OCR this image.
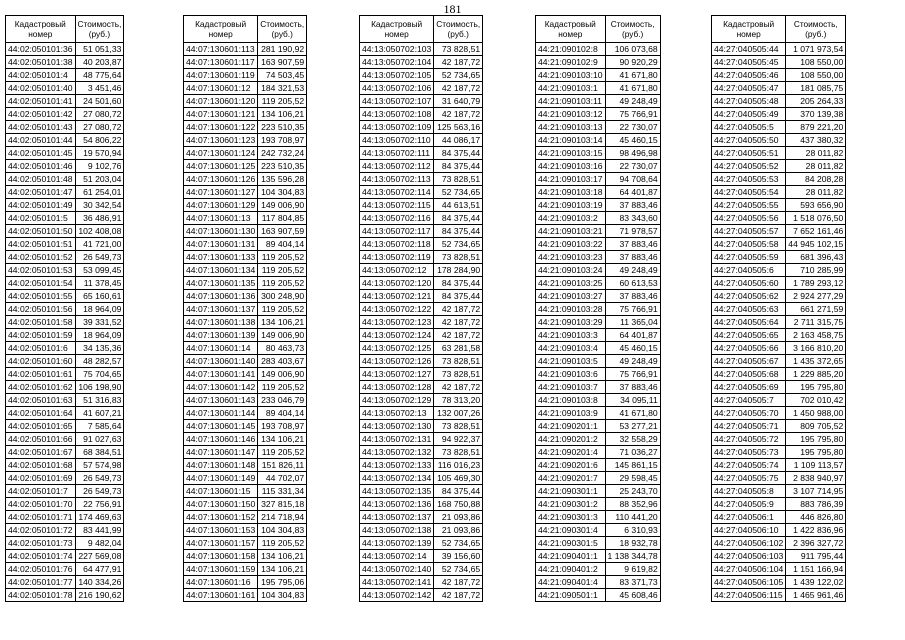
181
Кадастровый номер	Стоимость, (руб.)
44:02:050101:36	51 051,33
44:02:050101:38	40 203,87
44:02:050101:4	48 775,64
44:02:050101:40	3 451,46
44:02:050101:41	24 501,60
44:02:050101:42	27 080,72
44:02:050101:43	27 080,72
44:02:050101:44	54 806,22
44:02:050101:45	19 570,94
44:02:050101:46	9 102,76
44:02:050101:48	51 203,04
44:02:050101:47	61 254,01
44:02:050101:49	30 342,54
44:02:050101:5	36 486,91
44:02:050101:50	102 408,08
44:02:050101:51	41 721,00
44:02:050101:52	26 549,73
44:02:050101:53	53 099,45
44:02:050101:54	11 378,45
44:02:050101:55	65 160,61
44:02:050101:56	18 964,09
44:02:050101:58	39 331,52
44:02:050101:59	18 964,09
44:02:050101:6	34 135,36
44:02:050101:60	48 282,57
44:02:050101:61	75 704,65
44:02:050101:62	106 198,90
44:02:050101:63	51 316,83
44:02:050101:64	41 607,21
44:02:050101:65	7 585,64
44:02:050101:66	91 027,63
44:02:050101:67	68 384,51
44:02:050101:68	57 574,98
44:02:050101:69	26 549,73
44:02:050101:7	26 549,73
44:02:050101:70	22 756,91
44:02:050101:71	174 469,63
44:02:050101:72	83 441,99
44:02:050101:73	9 482,04
44:02:050101:74	227 569,08
44:02:050101:76	64 477,91
44:02:050101:77	140 334,26
44:02:050101:78	216 190,62
Кадастровый номер	Стоимость, (руб.)
44:07:130601:113	281 190,92
44:07:130601:117	163 907,59
44:07:130601:119	74 503,45
44:07:130601:12	184 321,53
44:07:130601:120	119 205,52
44:07:130601:121	134 106,21
44:07:130601:122	223 510,35
44:07:130601:123	193 708,97
44:07:130601:124	242 732,24
44:07:130601:125	223 510,35
44:07:130601:126	135 596,28
44:07:130601:127	104 304,83
44:07:130601:129	149 006,90
44:07:130601:13	117 804,85
44:07:130601:130	163 907,59
44:07:130601:131	89 404,14
44:07:130601:133	119 205,52
44:07:130601:134	119 205,52
44:07:130601:135	119 205,52
44:07:130601:136	300 248,90
44:07:130601:137	119 205,52
44:07:130601:138	134 106,21
44:07:130601:139	149 006,90
44:07:130601:14	80 463,73
44:07:130601:140	283 403,67
44:07:130601:141	149 006,90
44:07:130601:142	119 205,52
44:07:130601:143	233 046,79
44:07:130601:144	89 404,14
44:07:130601:145	193 708,97
44:07:130601:146	134 106,21
44:07:130601:147	119 205,52
44:07:130601:148	151 826,11
44:07:130601:149	44 702,07
44:07:130601:15	115 331,34
44:07:130601:150	327 815,18
44:07:130601:152	214 718,94
44:07:130601:153	104 304,83
44:07:130601:157	119 205,52
44:07:130601:158	134 106,21
44:07:130601:159	134 106,21
44:07:130601:16	195 795,06
44:07:130601:161	104 304,83
Кадастровый номер	Стоимость, (руб.)
44:13:050702:103	73 828,51
44:13:050702:104	42 187,72
44:13:050702:105	52 734,65
44:13:050702:106	42 187,72
44:13:050702:107	31 640,79
44:13:050702:108	42 187,72
44:13:050702:109	125 563,16
44:13:050702:110	44 086,17
44:13:050702:111	84 375,44
44:13:050702:112	84 375,44
44:13:050702:113	73 828,51
44:13:050702:114	52 734,65
44:13:050702:115	44 613,51
44:13:050702:116	84 375,44
44:13:050702:117	84 375,44
44:13:050702:118	52 734,65
44:13:050702:119	73 828,51
44:13:050702:12	178 284,90
44:13:050702:120	84 375,44
44:13:050702:121	84 375,44
44:13:050702:122	42 187,72
44:13:050702:123	42 187,72
44:13:050702:124	42 187,72
44:13:050702:125	63 281,58
44:13:050702:126	73 828,51
44:13:050702:127	73 828,51
44:13:050702:128	42 187,72
44:13:050702:129	78 313,20
44:13:050702:13	132 007,26
44:13:050702:130	73 828,51
44:13:050702:131	94 922,37
44:13:050702:132	73 828,51
44:13:050702:133	116 016,23
44:13:050702:134	105 469,30
44:13:050702:135	84 375,44
44:13:050702:136	168 750,88
44:13:050702:137	21 093,86
44:13:050702:138	21 093,86
44:13:050702:139	52 734,65
44:13:050702:14	39 156,60
44:13:050702:140	52 734,65
44:13:050702:141	42 187,72
44:13:050702:142	42 187,72
Кадастровый номер	Стоимость, (руб.)
44:21:090102:8	106 073,68
44:21:090102:9	90 920,29
44:21:090103:10	41 671,80
44:21:090103:1	41 671,80
44:21:090103:11	49 248,49
44:21:090103:12	75 766,91
44:21:090103:13	22 730,07
44:21:090103:14	45 460,15
44:21:090103:15	98 496,98
44:21:090103:16	22 730,07
44:21:090103:17	94 708,64
44:21:090103:18	64 401,87
44:21:090103:19	37 883,46
44:21:090103:2	83 343,60
44:21:090103:21	71 978,57
44:21:090103:22	37 883,46
44:21:090103:23	37 883,46
44:21:090103:24	49 248,49
44:21:090103:25	60 613,53
44:21:090103:27	37 883,46
44:21:090103:28	75 766,91
44:21:090103:29	11 365,04
44:21:090103:3	64 401,87
44:21:090103:4	45 460,15
44:21:090103:5	49 248,49
44:21:090103:6	75 766,91
44:21:090103:7	37 883,46
44:21:090103:8	34 095,11
44:21:090103:9	41 671,80
44:21:090201:1	53 277,21
44:21:090201:2	32 558,29
44:21:090201:4	71 036,27
44:21:090201:6	145 861,15
44:21:090201:7	29 598,45
44:21:090301:1	25 243,70
44:21:090301:2	88 352,96
44:21:090301:3	110 441,20
44:21:090301:4	6 310,93
44:21:090301:5	18 932,78
44:21:090401:1	1 138 344,78
44:21:090401:2	9 619,82
44:21:090401:4	83 371,73
44:21:090501:1	45 608,46
Кадастровый номер	Стоимость, (руб.)
44:27:040505:44	1 071 973,54
44:27:040505:45	108 550,00
44:27:040505:46	108 550,00
44:27:040505:47	181 085,75
44:27:040505:48	205 264,33
44:27:040505:49	370 139,38
44:27:040505:5	879 221,20
44:27:040505:50	437 380,32
44:27:040505:51	28 011,82
44:27:040505:52	28 011,82
44:27:040505:53	84 208,28
44:27:040505:54	28 011,82
44:27:040505:55	593 656,90
44:27:040505:56	1 518 076,50
44:27:040505:57	7 652 161,46
44:27:040505:58	44 945 102,15
44:27:040505:59	681 396,43
44:27:040505:6	710 285,99
44:27:040505:60	1 789 293,12
44:27:040505:62	2 924 277,29
44:27:040505:63	661 271,59
44:27:040505:64	2 711 315,75
44:27:040505:65	2 163 458,75
44:27:040505:66	3 166 810,20
44:27:040505:67	1 435 372,65
44:27:040505:68	1 229 885,20
44:27:040505:69	195 795,80
44:27:040505:7	702 010,42
44:27:040505:70	1 450 988,00
44:27:040505:71	809 705,52
44:27:040505:72	195 795,80
44:27:040505:73	195 795,80
44:27:040505:74	1 109 113,57
44:27:040505:75	2 838 940,97
44:27:040505:8	3 107 714,95
44:27:040505:9	883 786,39
44:27:040506:1	446 826,80
44:27:040506:10	1 422 836,96
44:27:040506:102	2 396 327,72
44:27:040506:103	911 795,44
44:27:040506:104	1 151 166,94
44:27:040506:105	1 439 122,02
44:27:040506:115	1 465 961,46
